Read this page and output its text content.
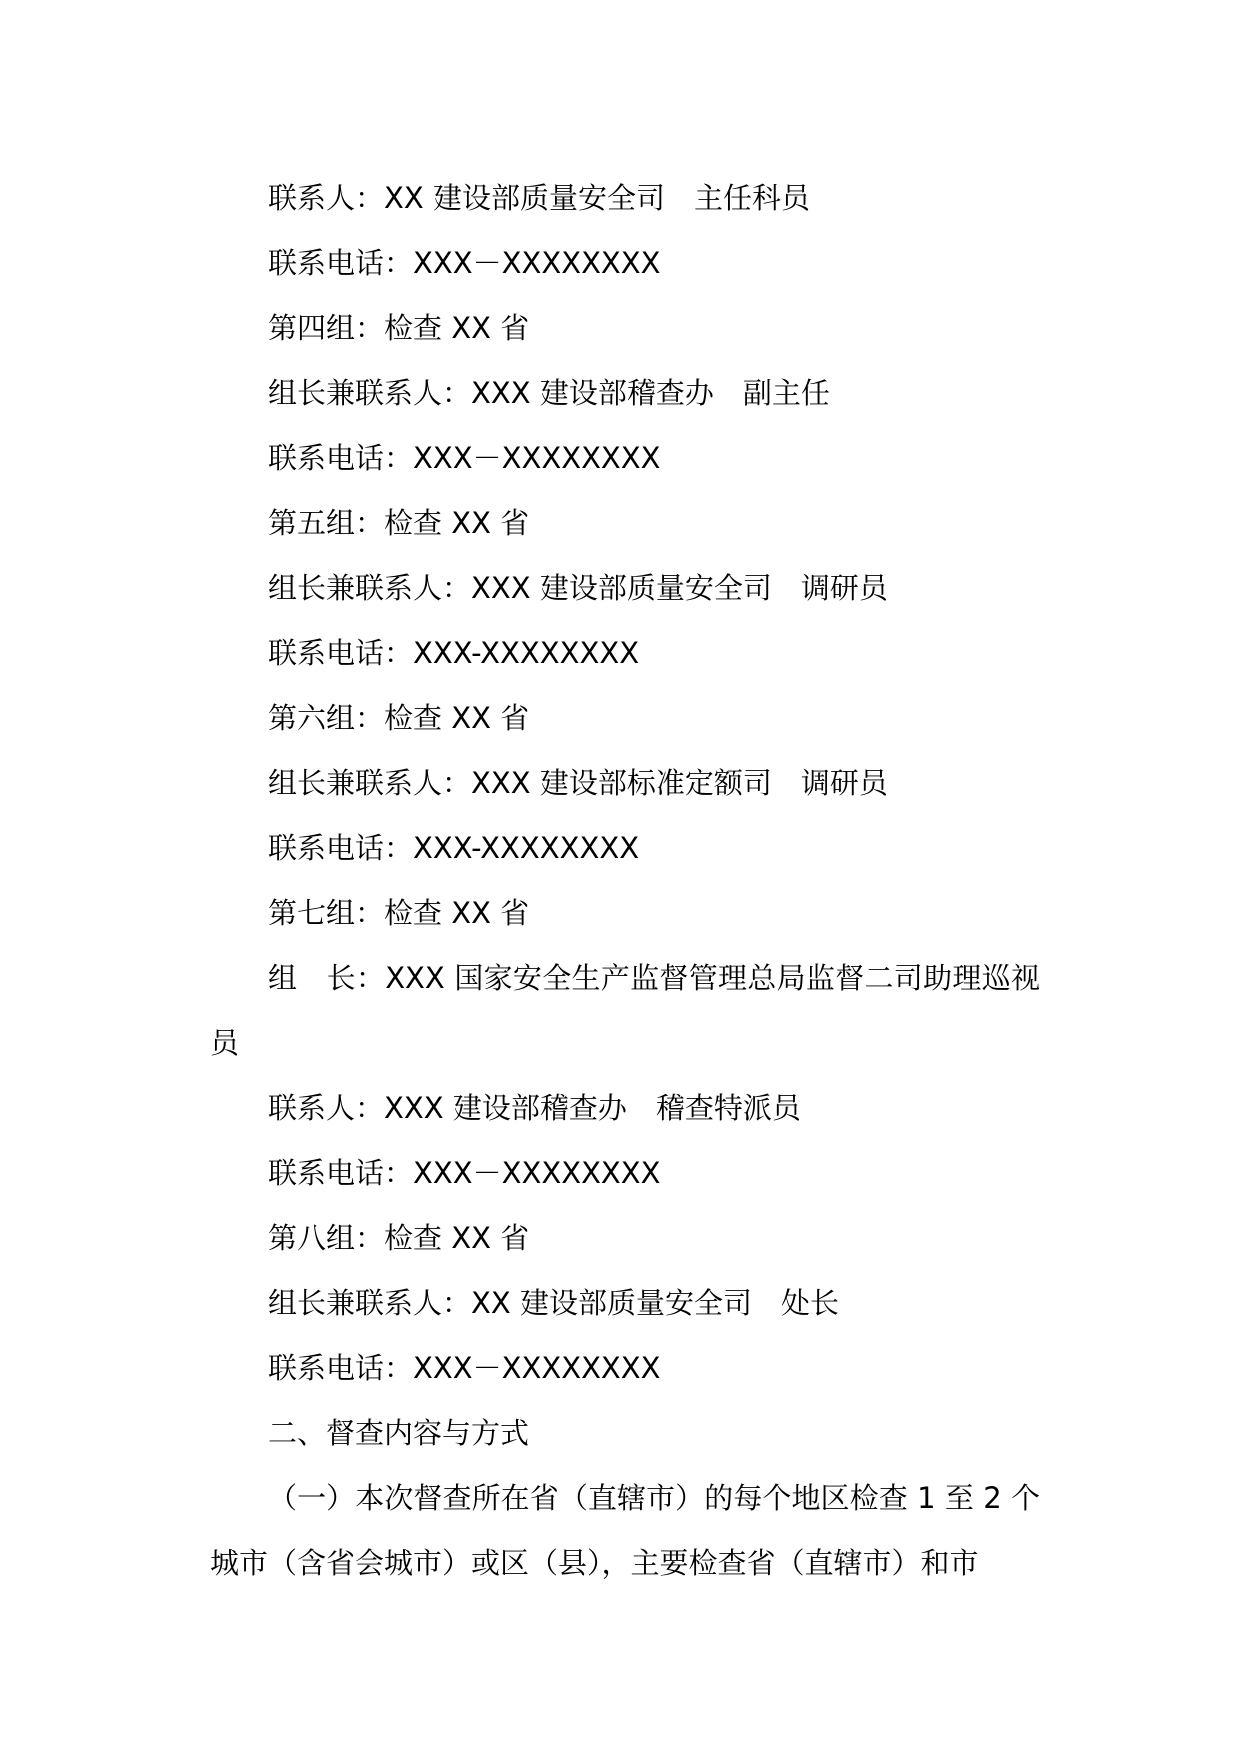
联系人：XX 建设部质量安全司　主任科员

联系电话：XXX－XXXXXXXX

第四组：检查 XX 省

组长兼联系人：XXX 建设部稽查办　副主任

联系电话：XXX－XXXXXXXX

第五组：检查 XX 省

组长兼联系人：XXX 建设部质量安全司　调研员

联系电话：XXX-XXXXXXXX

第六组：检查 XX 省

组长兼联系人：XXX 建设部标准定额司　调研员

联系电话：XXX-XXXXXXXX

第七组：检查 XX 省

组　长：XXX 国家安全生产监督管理总局监督二司助理巡视员

联系人：XXX 建设部稽查办　稽查特派员

联系电话：XXX－XXXXXXXX

第八组：检查 XX 省

组长兼联系人：XX 建设部质量安全司　处长

联系电话：XXX－XXXXXXXX

二、督查内容与方式

（一）本次督查所在省（直辖市）的每个地区检查 1 至 2 个城市（含省会城市）或区（县），主要检查省（直辖市）和市
